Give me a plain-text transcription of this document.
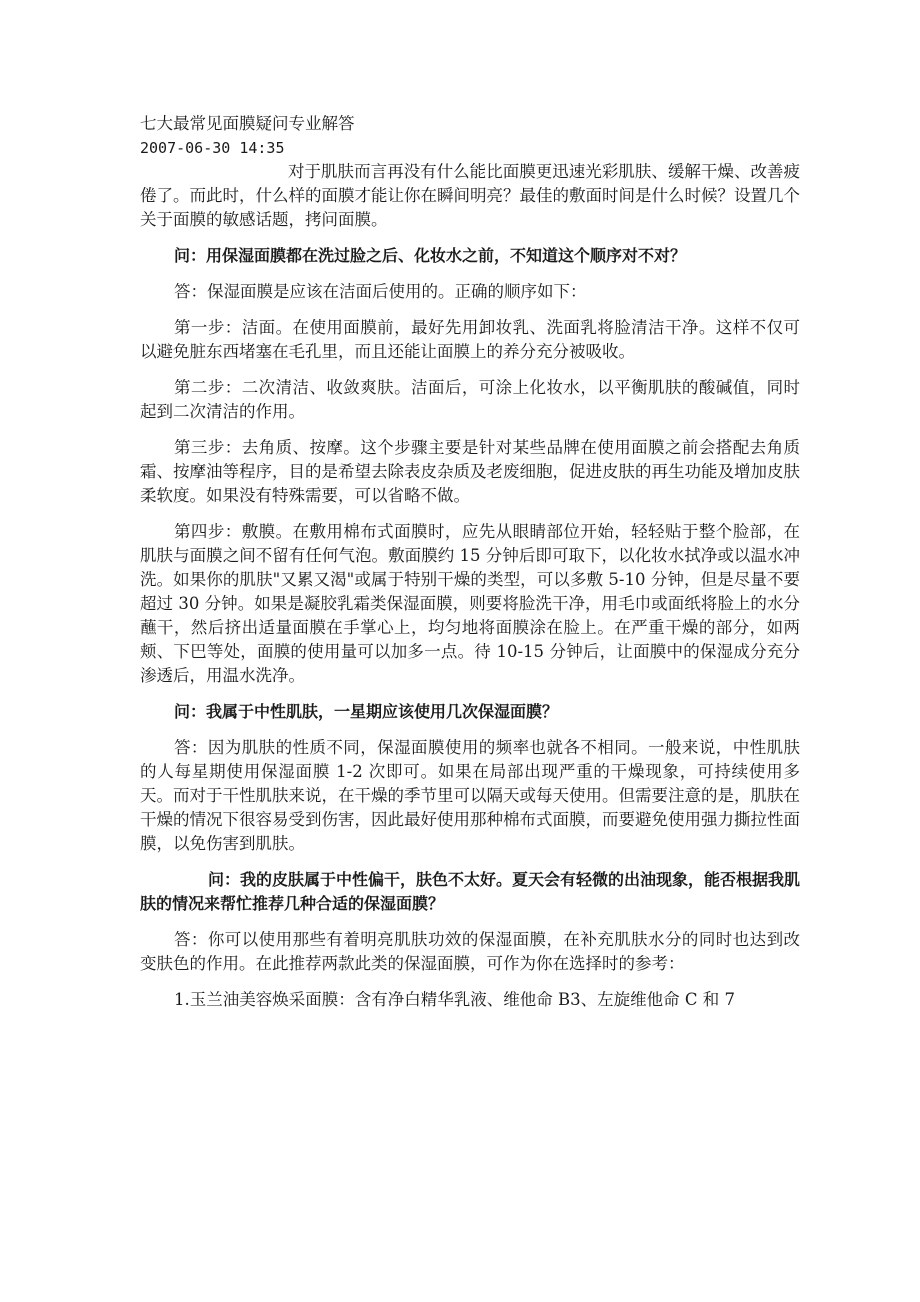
七大最常见面膜疑问专业解答

2007-06-30 14:35

对于肌肤而言再没有什么能比面膜更迅速光彩肌肤、缓解干燥、改善疲倦了。而此时，什么样的面膜才能让你在瞬间明亮？最佳的敷面时间是什么时候？设置几个关于面膜的敏感话题，拷问面膜。

问：用保湿面膜都在洗过脸之后、化妆水之前，不知道这个顺序对不对？

答：保湿面膜是应该在洁面后使用的。正确的顺序如下：

第一步：洁面。在使用面膜前，最好先用卸妆乳、洗面乳将脸清洁干净。这样不仅可以避免脏东西堵塞在毛孔里，而且还能让面膜上的养分充分被吸收。

第二步：二次清洁、收敛爽肤。洁面后，可涂上化妆水，以平衡肌肤的酸碱值，同时起到二次清洁的作用。

第三步：去角质、按摩。这个步骤主要是针对某些品牌在使用面膜之前会搭配去角质霜、按摩油等程序，目的是希望去除表皮杂质及老废细胞，促进皮肤的再生功能及增加皮肤柔软度。如果没有特殊需要，可以省略不做。

第四步：敷膜。在敷用棉布式面膜时，应先从眼睛部位开始，轻轻贴于整个脸部，在肌肤与面膜之间不留有任何气泡。敷面膜约 15 分钟后即可取下，以化妆水拭净或以温水冲洗。如果你的肌肤"又累又渴"或属于特别干燥的类型，可以多敷 5-10 分钟，但是尽量不要超过 30 分钟。如果是凝胶乳霜类保湿面膜，则要将脸洗干净，用毛巾或面纸将脸上的水分蘸干，然后挤出适量面膜在手掌心上，均匀地将面膜涂在脸上。在严重干燥的部分，如两颊、下巴等处，面膜的使用量可以加多一点。待 10-15 分钟后，让面膜中的保湿成分充分渗透后，用温水洗净。

问：我属于中性肌肤，一星期应该使用几次保湿面膜？

答：因为肌肤的性质不同，保湿面膜使用的频率也就各不相同。一般来说，中性肌肤的人每星期使用保湿面膜 1-2 次即可。如果在局部出现严重的干燥现象，可持续使用多天。而对于干性肌肤来说，在干燥的季节里可以隔天或每天使用。但需要注意的是，肌肤在干燥的情况下很容易受到伤害，因此最好使用那种棉布式面膜，而要避免使用强力撕拉性面膜，以免伤害到肌肤。

问：我的皮肤属于中性偏干，肤色不太好。夏天会有轻微的出油现象，能否根据我肌肤的情况来帮忙推荐几种合适的保湿面膜？

答：你可以使用那些有着明亮肌肤功效的保湿面膜，在补充肌肤水分的同时也达到改变肤色的作用。在此推荐两款此类的保湿面膜，可作为你在选择时的参考：

1.玉兰油美容焕采面膜：含有净白精华乳液、维他命 B3、左旋维他命 C 和 7
